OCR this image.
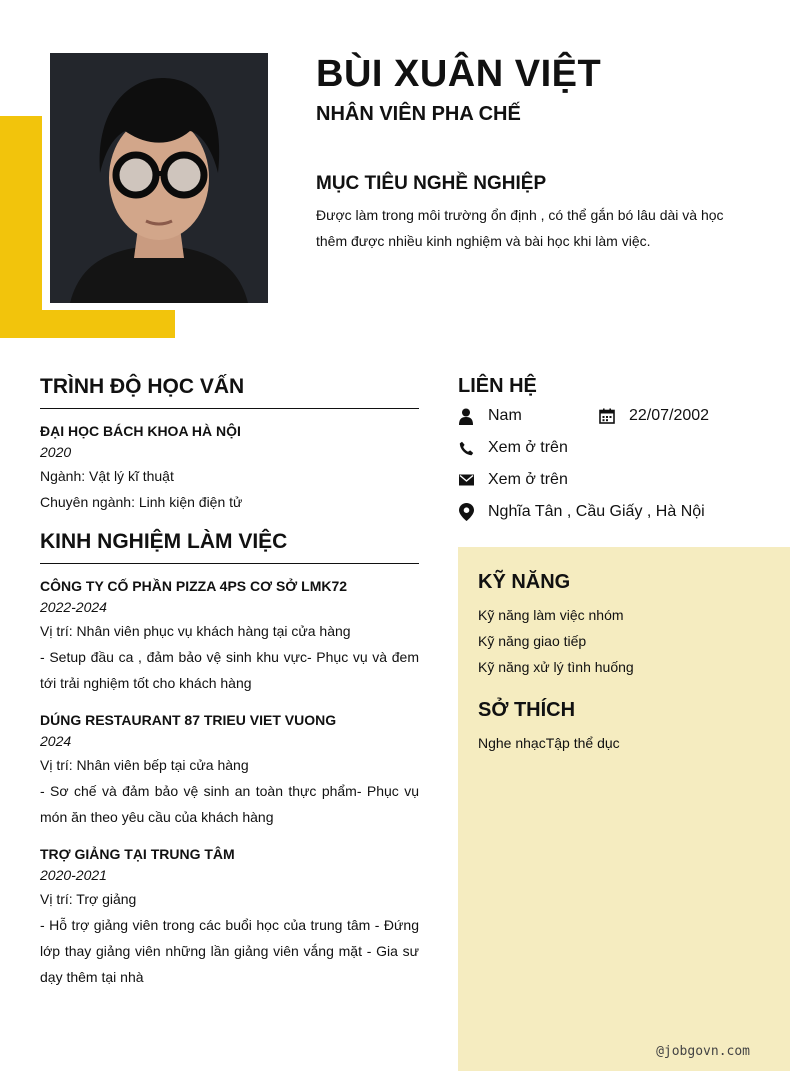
BÙI XUÂN VIỆT
NHÂN VIÊN PHA CHẾ
MỤC TIÊU NGHỀ NGHIỆP

Được làm trong môi trường ổn định , có thể gắn bó lâu dài và học thêm được nhiều kinh nghiệm và bài học khi làm việc.

TRÌNH ĐỘ HỌC VẤN
ĐẠI HỌC BÁCH KHOA HÀ NỘI
2020
Ngành: Vật lý kĩ thuật
Chuyên ngành: Linh kiện điện tử
KINH NGHIỆM LÀM VIỆC
CÔNG TY CỐ PHẦN PIZZA 4PS CƠ SỞ LMK72
2022-2024
Vị trí: Nhân viên phục vụ khách hàng tại cửa hàng
- Setup đầu ca , đảm bảo vệ sinh khu vực- Phục vụ và đem tới trải nghiệm tốt cho khách hàng
DÚNG RESTAURANT 87 TRIEU VIET VUONG
2024
Vị trí: Nhân viên bếp tại cửa hàng
- Sơ chế và đảm bảo vệ sinh an toàn thực phẩm- Phục vụ món ăn theo yêu cầu của khách hàng
TRỢ GIẢNG TẠI TRUNG TÂM
2020-2021
Vị trí: Trợ giảng
- Hỗ trợ giảng viên trong các buổi học của trung tâm - Đứng lớp thay giảng viên những lần giảng viên vắng mặt - Gia sư dạy thêm tại nhà
LIÊN HỆ
Nam	22/07/2002
Xem ở trên
Xem ở trên
Nghĩa Tân , Cầu Giấy , Hà Nội
KỸ NĂNG
Kỹ năng làm việc nhóm
Kỹ năng giao tiếp
Kỹ năng xử lý tình huống
SỞ THÍCH
Nghe nhạcTập thể dục
@jobgovn.com
